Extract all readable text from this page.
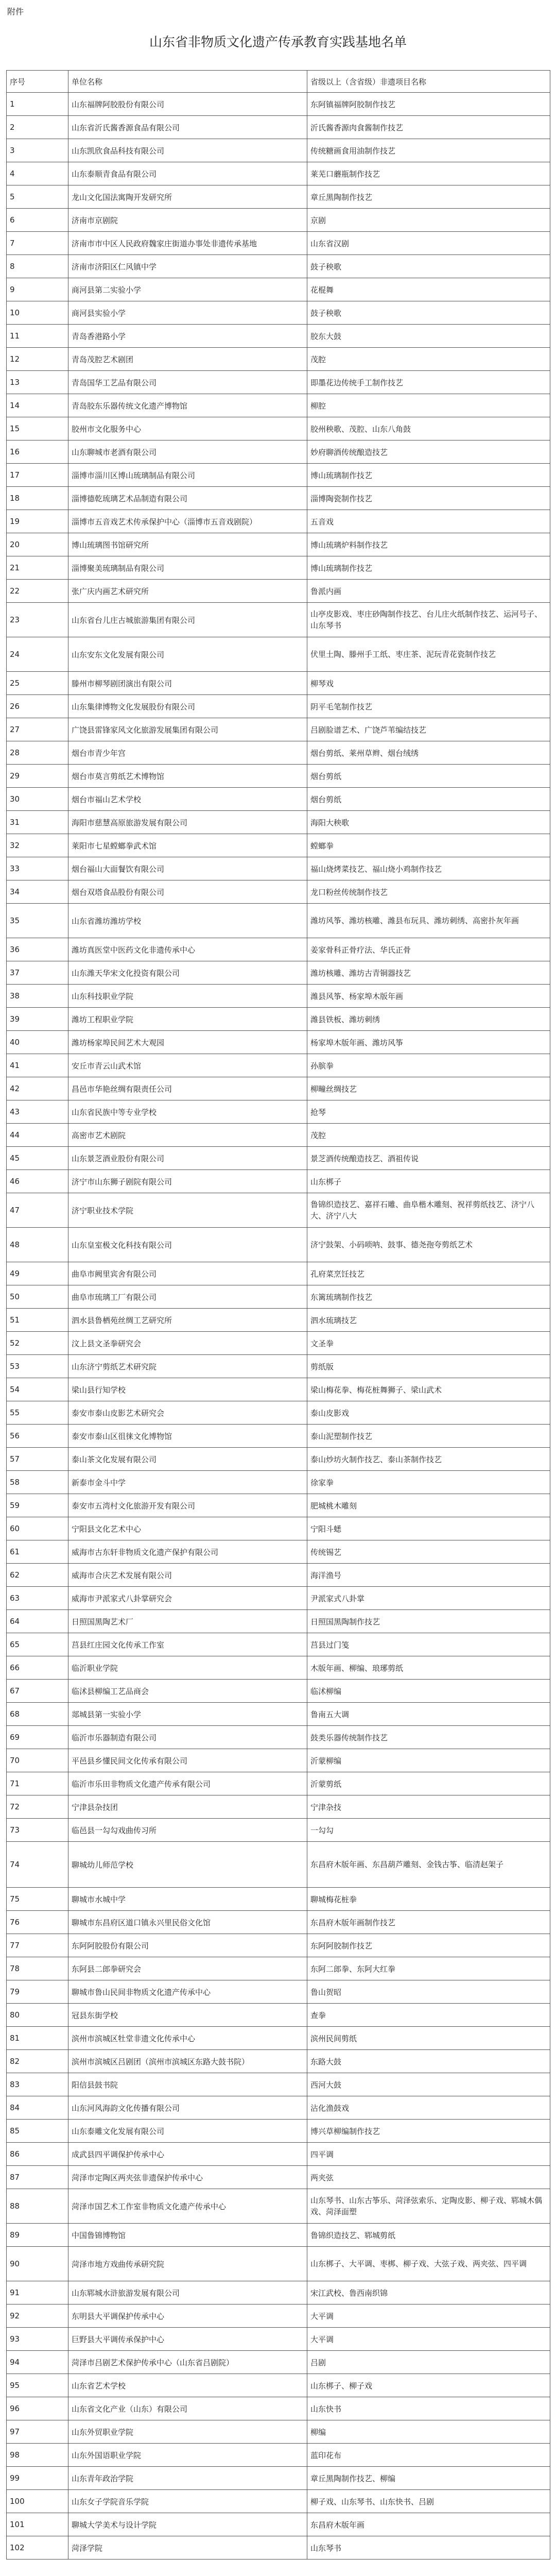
附件
山东省非物质文化遗产传承教育实践基地名单
序号	单位名称	省级以上（含省级）非遗项目名称
1	山东福牌阿胶股份有限公司	东阿镇福牌阿胶制作技艺
2	山东省沂氏酱香源食品有限公司	沂氏酱香源肉食酱制作技艺
3	山东凯欣食品科技有限公司	传统糖画食用油制作技艺
4	山东泰顺青食品有限公司	莱芜口蘑瓶制作技艺
5	龙山文化国法寓陶开发研究所	章丘黑陶制作技艺
6	济南市京剧院	京剧
7	济南市市中区人民政府魏家庄街道办事处非遗传承基地	山东省汉剧
8	济南市济阳区仁风镇中学	鼓子秧歌
9	商河县第二实验小学	花棍舞
10	商河县实验小学	鼓子秧歌
11	青岛香港路小学	胶东大鼓
12	青岛茂腔艺术剧团	茂腔
13	青岛国华工艺品有限公司	即墨花边传统手工制作技艺
14	青岛胶东乐器传统文化遗产博物馆	柳腔
15	胶州市文化服务中心	胶州秧歌、茂腔、山东八角鼓
16	山东聊城市老酒有限公司	妙府聊酒传统酿造技艺
17	淄博市淄川区博山琉璃制品有限公司	博山琉璃制作技艺
18	淄博德乾琉璃艺术品制造有限公司	淄博陶瓷制作技艺
19	淄博市五音戏艺术传承保护中心（淄博市五音戏剧院）	五音戏
20	博山琉璃图书馆研究所	博山琉璃炉料制作技艺
21	淄博聚美琉璃制品有限公司	博山琉璃制作技艺
22	张广庆内画艺术研究所	鲁派内画
23	山东省台儿庄古城旅游集团有限公司	山亭皮影戏、枣庄砂陶制作技艺、台儿庄火纸制作技艺、运河号子、山东琴书
24	山东安东文化发展有限公司	伏里土陶、滕州手工纸、枣庄茶、泥玩青花瓷制作技艺
25	滕州市柳琴剧团演出有限公司	柳琴戏
26	山东集律博物文化发展股份有限公司	阴平毛笔制作技艺
27	广饶县雷锋家风文化旅游发展集团有限公司	吕剧脸谱艺术、广饶芦苇编结技艺
28	烟台市青少年宫	烟台剪纸、莱州草辫、烟台绒绣
29	烟台市莫言剪纸艺术博物馆	烟台剪纸
30	烟台市福山艺术学校	烟台剪纸
31	海阳市慈慧高原旅游发展有限公司	海阳大秧歌
32	莱阳市七星螳螂拳武术馆	螳螂拳
33	烟台福山大面餐饮有限公司	福山烧烤菜技艺、福山烧小鸡制作技艺
34	烟台双塔食品股份有限公司	龙口粉丝传统制作技艺
35	山东省潍坊潍坊学校	潍坊风筝、潍坊核雕、潍县布玩具、潍坊刺绣、高密扑灰年画
36	潍坊真医堂中医药文化非遗传承中心	姜家骨科正骨疗法、华氏正骨
37	山东潍天华宋文化投资有限公司	潍坊核雕、潍坊古青铜器技艺
38	山东科技职业学院	潍县风筝、杨家埠木版年画
39	潍坊工程职业学院	潍县铁板、潍坊刺绣
40	潍坊杨家埠民间艺术大观园	杨家埠木版年画、潍坊风筝
41	安丘市青云山武术馆	孙膑拳
42	昌邑市华艳丝绸有限责任公司	柳疃丝绸技艺
43	山东省民族中等专业学校	抢琴
44	高密市艺术剧院	茂腔
45	山东景芝酒业股份有限公司	景芝酒传统酿造技艺、酒祖传说
46	济宁市山东狮子剧院有限公司	山东梆子
47	济宁职业技术学院	鲁锦织造技艺、嘉祥石雕、曲阜楷木雕刻、祝祥剪纸技艺、济宁八大、济宁八大
48	山东皇室极文化科技有限公司	济宁鼓架、小码唢呐、鼓事、德尧孢夸剪纸艺术
49	曲阜市阙里宾舍有限公司	孔府菜烹饪技艺
50	曲阜市琉璃工厂有限公司	东篱琉璃制作技艺
51	泗水县鲁栖苑丝绸工艺研究所	泗水琉璃技艺
52	汶上县文圣拳研究会	文圣拳
53	山东济宁剪纸艺术研究院	剪纸版
54	梁山县行知学校	梁山梅花拳、梅花桩舞狮子、梁山武术
55	泰安市泰山皮影艺术研究会	泰山皮影戏
56	泰安市泰山区徂徕文化博物馆	泰山泥塑制作技艺
57	泰山茶文化发展有限公司	泰山炒坊火制作技艺、泰山茶制作技艺
58	新泰市金斗中学	徐家拳
59	泰安市五湾村文化旅游开发有限公司	肥城桃木雕刻
60	宁阳县文化艺术中心	宁阳斗蟋
61	威海市古东轩非物质文化遗产保护有限公司	传统锡艺
62	威海市合庆艺术发展有限公司	海洋渔号
63	威海市尹派家式八卦掌研究会	尹派家式八卦掌
64	日照国黑陶艺术厂	日照国黑陶制作技艺
65	莒县红庄园文化传承工作室	莒县过门笺
66	临沂职业学院	木版年画、柳编、琅琊剪纸
67	临沭县柳编工艺品商会	临沭柳编
68	郯城县第一实验小学	鲁南五大调
69	临沂市乐器制造有限公司	鼓类乐器传统制作技艺
70	平邑县乡懂民间文化传承有限公司	沂蒙柳编
71	临沂市乐田非物质文化遗产传承有限公司	沂蒙剪纸
72	宁津县杂技团	宁津杂技
73	临邑县一勾勾戏曲传习所	一勾勾
74	聊城幼儿师范学校	东昌府木版年画、东昌葫芦雕刻、金钱古筝、临清赵架子
75	聊城市水城中学	聊城梅花桩拳
76	聊城市东昌府区道口镇永兴里民俗文化馆	东昌府木版年画制作技艺
77	东阿阿胶股份有限公司	东阿阿胶制作技艺
78	东阿县二郎拳研究会	东阿二郎拳、东阿大红拳
79	聊城市鲁山民间非物质文化遗产传承中心	鲁山贺昭
80	冠县东街学校	查拳
81	滨州市滨城区牡堂非遗文化传承中心	滨州民间剪纸
82	滨州市滨城区吕剧团（滨州市滨城区东路大鼓书院）	东路大鼓
83	阳信县鼓书院	西河大鼓
84	山东河风海韵文化传播有限公司	沾化渔鼓戏
85	山东泰雕文化发展有限公司	博兴草柳编制作技艺
86	成武县四平调保护传承中心	四平调
87	菏泽市定陶区两夹弦非遗保护传承中心	两夹弦
88	菏泽市国艺术工作室非物质文化遗产传承中心	山东琴书、山东古筝乐、菏泽弦索乐、定陶皮影、柳子戏、郓城木偶戏、菏泽面塑
89	中国鲁锦博物馆	鲁锦织造技艺、郓城剪纸
90	菏泽市地方戏曲传承研究院	山东梆子、大平调、枣梆、柳子戏、大弦子戏、两夹弦、四平调
91	山东郓城水浒旅游发展有限公司	宋江武校、鲁西南织锦
92	东明县大平调保护传承中心	大平调
93	巨野县大平调传承保护中心	大平调
94	菏泽市吕剧艺术保护传承中心（山东省吕剧院）	吕剧
95	山东省艺术学校	山东梆子、柳子戏
96	山东省文化产业（山东）有限公司	山东快书
97	山东外贸职业学院	柳编
98	山东外国语职业学院	蓝印花布
99	山东青年政治学院	章丘黑陶制作技艺、柳编
100	山东女子学院音乐学院	柳子戏、山东琴书、山东快书、吕剧
101	聊城大学美术与设计学院	东昌府木版年画
102	菏泽学院	山东琴书
